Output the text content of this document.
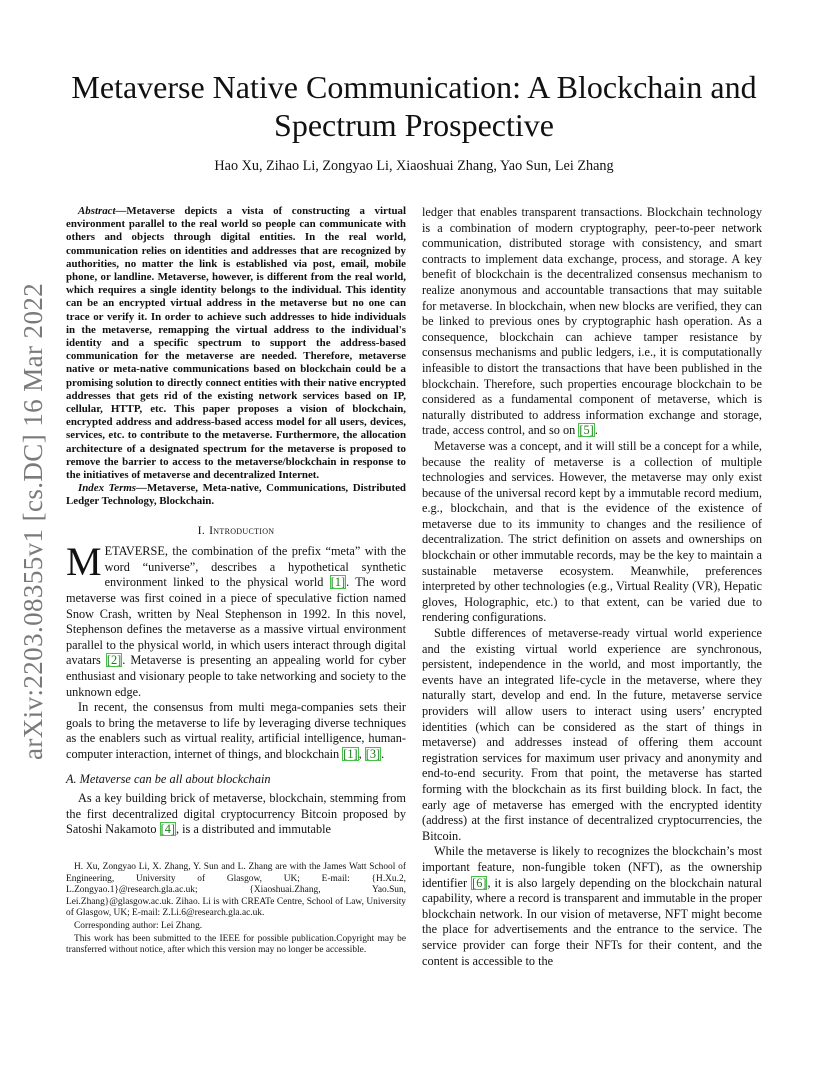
arXiv:2203.08355v1 [cs.DC] 16 Mar 2022
Metaverse Native Communication: A Blockchain and Spectrum Prospective
Hao Xu, Zihao Li, Zongyao Li, Xiaoshuai Zhang, Yao Sun, Lei Zhang

Abstract—Metaverse depicts a vista of constructing a virtual environment parallel to the real world so people can communicate with others and objects through digital entities. In the real world, communication relies on identities and addresses that are recognized by authorities, no matter the link is established via post, email, mobile phone, or landline. Metaverse, however, is different from the real world, which requires a single identity belongs to the individual. This identity can be an encrypted virtual address in the metaverse but no one can trace or verify it. In order to achieve such addresses to hide individuals in the metaverse, remapping the virtual address to the individual's identity and a specific spectrum to support the address-based communication for the metaverse are needed. Therefore, metaverse native or meta-native communications based on blockchain could be a promising solution to directly connect entities with their native encrypted addresses that gets rid of the existing network services based on IP, cellular, HTTP, etc. This paper proposes a vision of blockchain, encrypted address and address-based access model for all users, devices, services, etc. to contribute to the metaverse. Furthermore, the allocation architecture of a designated spectrum for the metaverse is proposed to remove the barrier to access to the metaverse/blockchain in response to the initiatives of metaverse and decentralized Internet.

Index Terms—Metaverse, Meta-native, Communications, Distributed Ledger Technology, Blockchain.

I. Introduction

METAVERSE, the combination of the prefix “meta” with the word “universe”, describes a hypothetical synthetic environment linked to the physical world [1]. The word metaverse was first coined in a piece of speculative fiction named Snow Crash, written by Neal Stephenson in 1992. In this novel, Stephenson defines the metaverse as a massive virtual environment parallel to the physical world, in which users interact through digital avatars [2]. Metaverse is presenting an appealing world for cyber enthusiast and visionary people to take networking and society to the unknown edge.

In recent, the consensus from multi mega-companies sets their goals to bring the metaverse to life by leveraging diverse techniques as the enablers such as virtual reality, artificial intelligence, human-computer interaction, internet of things, and blockchain [1], [3].

A. Metaverse can be all about blockchain

As a key building brick of metaverse, blockchain, stemming from the first decentralized digital cryptocurrency Bitcoin proposed by Satoshi Nakamoto [4], is a distributed and immutable

H. Xu, Zongyao Li, X. Zhang, Y. Sun and L. Zhang are with the James Watt School of Engineering, University of Glasgow, UK; E-mail: {H.Xu.2, L.Zongyao.1}@research.gla.ac.uk; {Xiaoshuai.Zhang, Yao.Sun, Lei.Zhang}@glasgow.ac.uk. Zihao. Li is with CREATe Centre, School of Law, University of Glasgow, UK; E-mail: Z.Li.6@research.gla.ac.uk.

Corresponding author: Lei Zhang.

This work has been submitted to the IEEE for possible publication.Copyright may be transferred without notice, after which this version may no longer be accessible.

ledger that enables transparent transactions. Blockchain technology is a combination of modern cryptography, peer-to-peer network communication, distributed storage with consistency, and smart contracts to implement data exchange, process, and storage. A key benefit of blockchain is the decentralized consensus mechanism to realize anonymous and accountable transactions that may suitable for metaverse. In blockchain, when new blocks are verified, they can be linked to previous ones by cryptographic hash operation. As a consequence, blockchain can achieve tamper resistance by consensus mechanisms and public ledgers, i.e., it is computationally infeasible to distort the transactions that have been published in the blockchain. Therefore, such properties encourage blockchain to be considered as a fundamental component of metaverse, which is naturally distributed to address information exchange and storage, trade, access control, and so on [5].

Metaverse was a concept, and it will still be a concept for a while, because the reality of metaverse is a collection of multiple technologies and services. However, the metaverse may only exist because of the universal record kept by a immutable record medium, e.g., blockchain, and that is the evidence of the existence of metaverse due to its immunity to changes and the resilience of decentralization. The strict definition on assets and ownerships on blockchain or other immutable records, may be the key to maintain a sustainable metaverse ecosystem. Meanwhile, preferences interpreted by other technologies (e.g., Virtual Reality (VR), Hepatic gloves, Holographic, etc.) to that extent, can be varied due to rendering configurations.

Subtle differences of metaverse-ready virtual world experience and the existing virtual world experience are synchronous, persistent, independence in the world, and most importantly, the events have an integrated life-cycle in the metaverse, where they naturally start, develop and end. In the future, metaverse service providers will allow users to interact using users’ encrypted identities (which can be considered as the start of things in metaverse) and addresses instead of offering them account registration services for maximum user privacy and anonymity and end-to-end security. From that point, the metaverse has started forming with the blockchain as its first building block. In fact, the early age of metaverse has emerged with the encrypted identity (address) at the first instance of decentralized cryptocurrencies, the Bitcoin.

While the metaverse is likely to recognizes the blockchain’s most important feature, non-fungible token (NFT), as the ownership identifier [6], it is also largely depending on the blockchain natural capability, where a record is transparent and immutable in the proper blockchain network. In our vision of metaverse, NFT might become the place for advertisements and the entrance to the service. The service provider can forge their NFTs for their content, and the content is accessible to the
